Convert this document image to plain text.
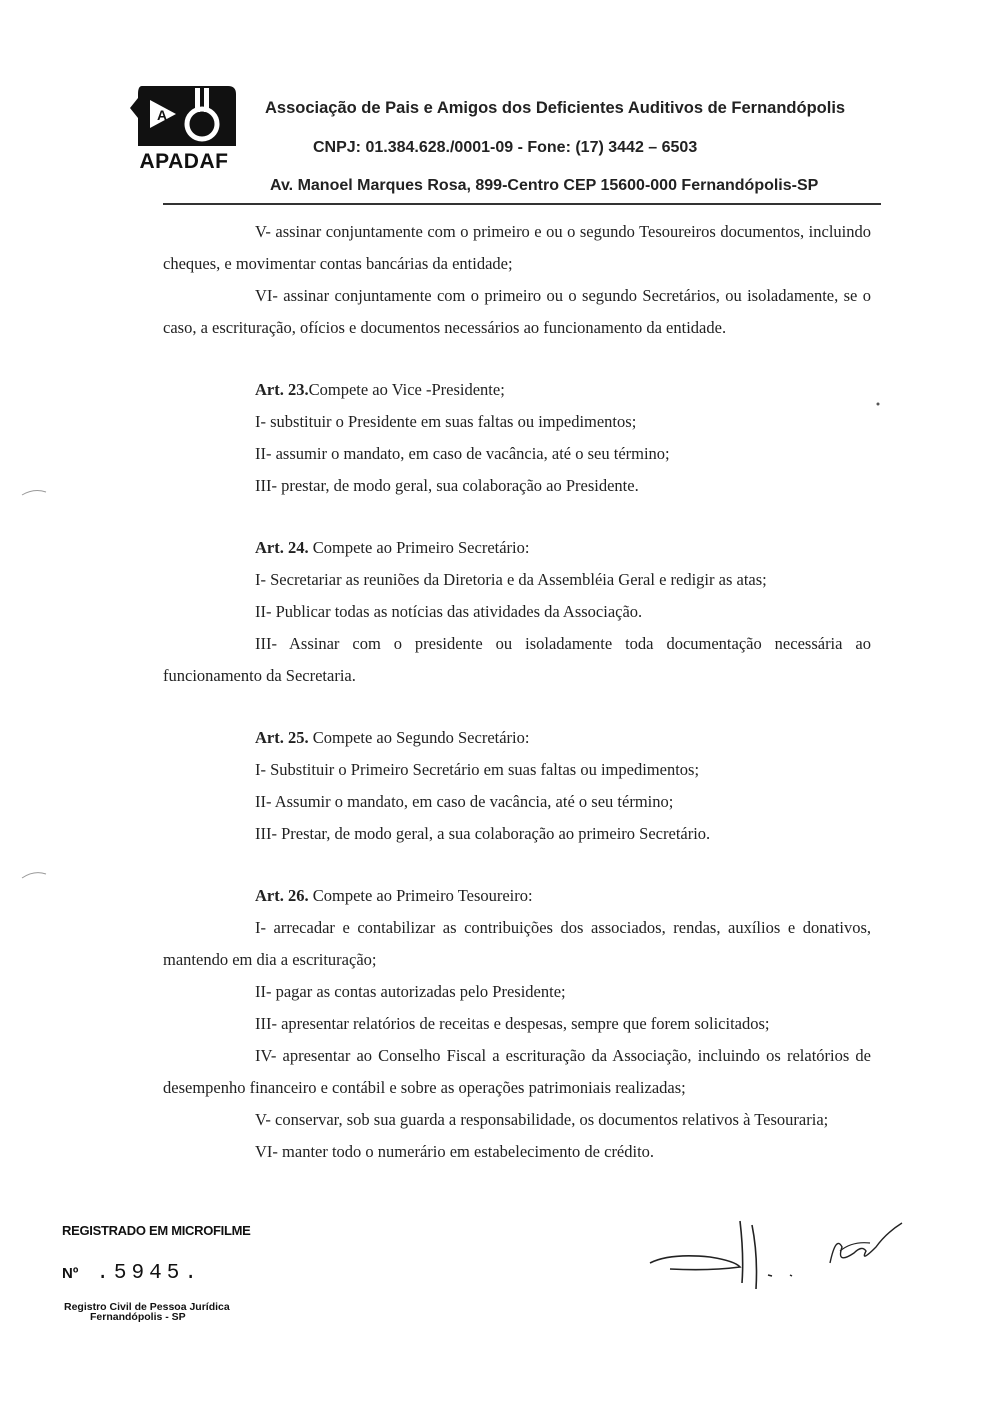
A
APADAF
Associação de Pais e Amigos dos Deficientes Auditivos de Fernandópolis
CNPJ: 01.384.628./0001-09 - Fone: (17) 3442 – 6503
Av. Manoel Marques Rosa, 899-Centro CEP 15600-000 Fernandópolis-SP

V- assinar conjuntamente com o primeiro e ou o segundo Tesoureiros documentos, incluindo cheques, e movimentar contas bancárias da entidade;

VI- assinar conjuntamente com o primeiro ou o segundo Secretários, ou isoladamente, se o caso, a escrituração, ofícios e documentos necessários ao funcionamento da entidade.

Art. 23.Compete ao Vice -Presidente;

I- substituir o Presidente em suas faltas ou impedimentos;

II- assumir o mandato, em caso de vacância, até o seu término;

III- prestar, de modo geral, sua colaboração ao Presidente.

Art. 24. Compete ao Primeiro Secretário:

I- Secretariar as reuniões da Diretoria e da Assembléia Geral e redigir as atas;

II- Publicar todas as notícias das atividades da Associação.

III- Assinar com o presidente ou isoladamente toda documentação necessária ao funcionamento da Secretaria.

Art. 25. Compete ao Segundo Secretário:

I- Substituir o Primeiro Secretário em suas faltas ou impedimentos;

II- Assumir o mandato, em caso de vacância, até o seu término;

III- Prestar, de modo geral, a sua colaboração ao primeiro Secretário.

Art. 26. Compete ao Primeiro Tesoureiro:

I- arrecadar e contabilizar as contribuições dos associados, rendas, auxílios e donativos, mantendo em dia a escrituração;

II- pagar as contas autorizadas pelo Presidente;

III- apresentar relatórios de receitas e despesas, sempre que forem solicitados;

IV- apresentar ao Conselho Fiscal a escrituração da Associação, incluindo os relatórios de desempenho financeiro e contábil e sobre as operações patrimoniais realizadas;

V- conservar, sob sua guarda a responsabilidade, os documentos relativos à Tesouraria;

VI- manter todo o numerário em estabelecimento de crédito.

REGISTRADO EM MICROFILME
Nº .5945.
Registro Civil de Pessoa Jurídica
Fernandópolis - SP
